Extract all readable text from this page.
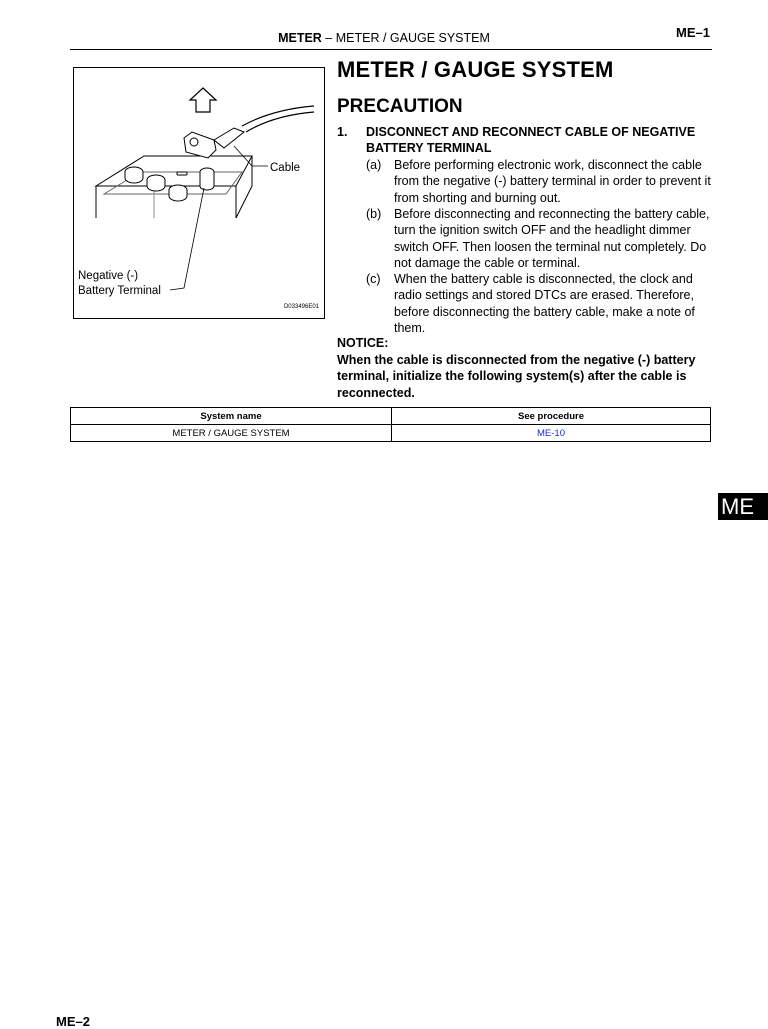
METER – METER / GAUGE SYSTEM	ME–1
Cable
Negative (-)
Battery Terminal
D033496E01
METER / GAUGE SYSTEM
PRECAUTION
1. DISCONNECT AND RECONNECT CABLE OF NEGATIVE BATTERY TERMINAL
(a) Before performing electronic work, disconnect the cable from the negative (-) battery terminal in order to prevent it from shorting and burning out.
(b) Before disconnecting and reconnecting the battery cable, turn the ignition switch OFF and the headlight dimmer switch OFF. Then loosen the terminal nut completely. Do not damage the cable or terminal.
(c) When the battery cable is disconnected, the clock and radio settings and stored DTCs are erased. Therefore, before disconnecting the battery cable, make a note of them.
NOTICE:
When the cable is disconnected from the negative (-) battery terminal, initialize the following system(s) after the cable is reconnected.
System name	See procedure
METER / GAUGE SYSTEM	ME-10
ME
ME–2
